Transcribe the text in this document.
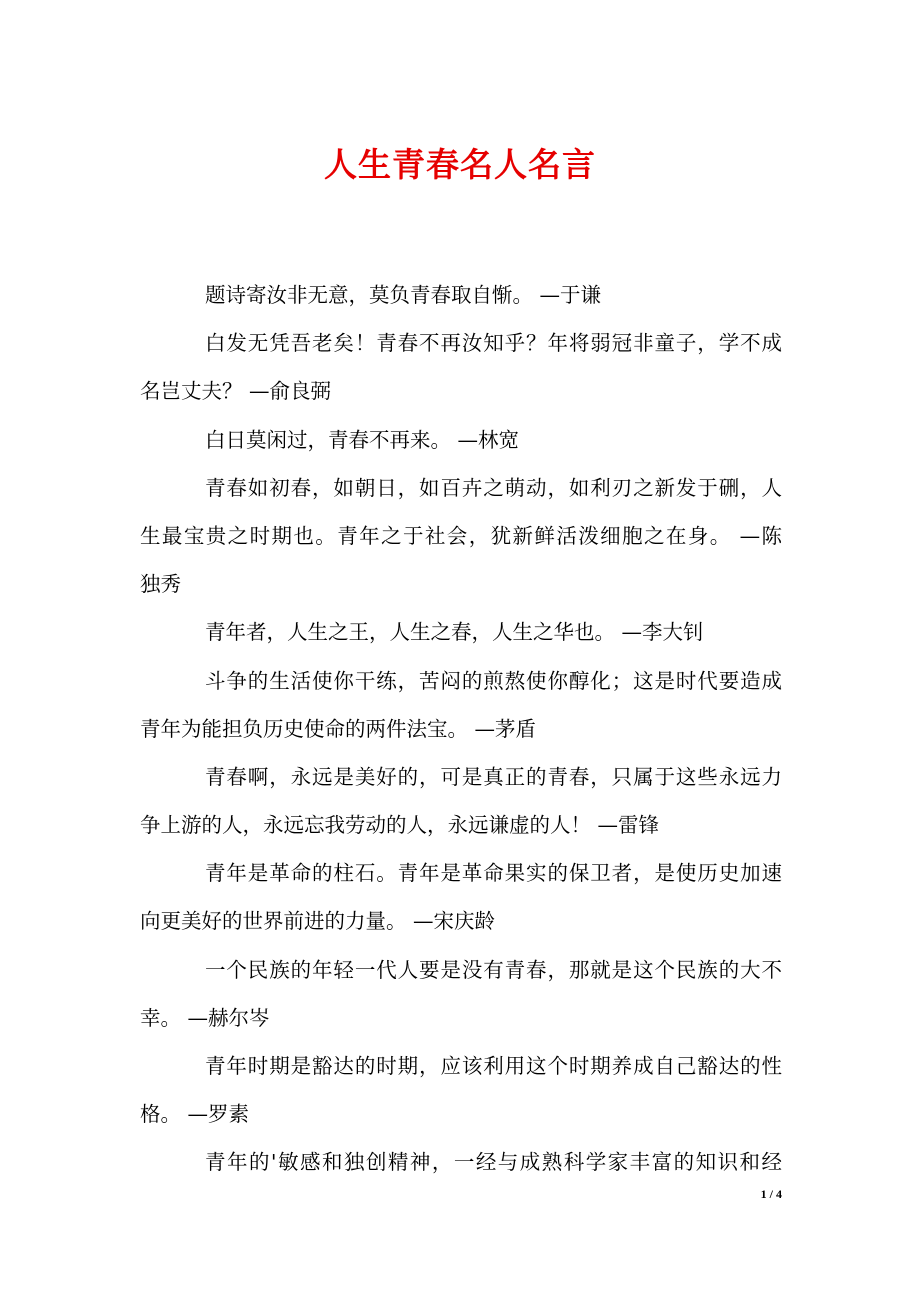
人生青春名人名言
题诗寄汝非无意，莫负青春取自惭。 —于谦
白发无凭吾老矣！青春不再汝知乎？年将弱冠非童子，学不成
名岂丈夫？ —俞良弼
白日莫闲过，青春不再来。 —林宽
青春如初春，如朝日，如百卉之萌动，如利刃之新发于硎，人
生最宝贵之时期也。青年之于社会，犹新鲜活泼细胞之在身。 —陈
独秀
青年者，人生之王，人生之春，人生之华也。 —李大钊
斗争的生活使你干练，苦闷的煎熬使你醇化；这是时代要造成
青年为能担负历史使命的两件法宝。 —茅盾
青春啊，永远是美好的，可是真正的青春，只属于这些永远力
争上游的人，永远忘我劳动的人，永远谦虚的人！ —雷锋
青年是革命的柱石。青年是革命果实的保卫者，是使历史加速
向更美好的世界前进的力量。 —宋庆龄
一个民族的年轻一代人要是没有青春，那就是这个民族的大不
幸。 —赫尔岑
青年时期是豁达的时期，应该利用这个时期养成自己豁达的性
格。 —罗素
青年的'敏感和独创精神，一经与成熟科学家丰富的知识和经
1 / 4
